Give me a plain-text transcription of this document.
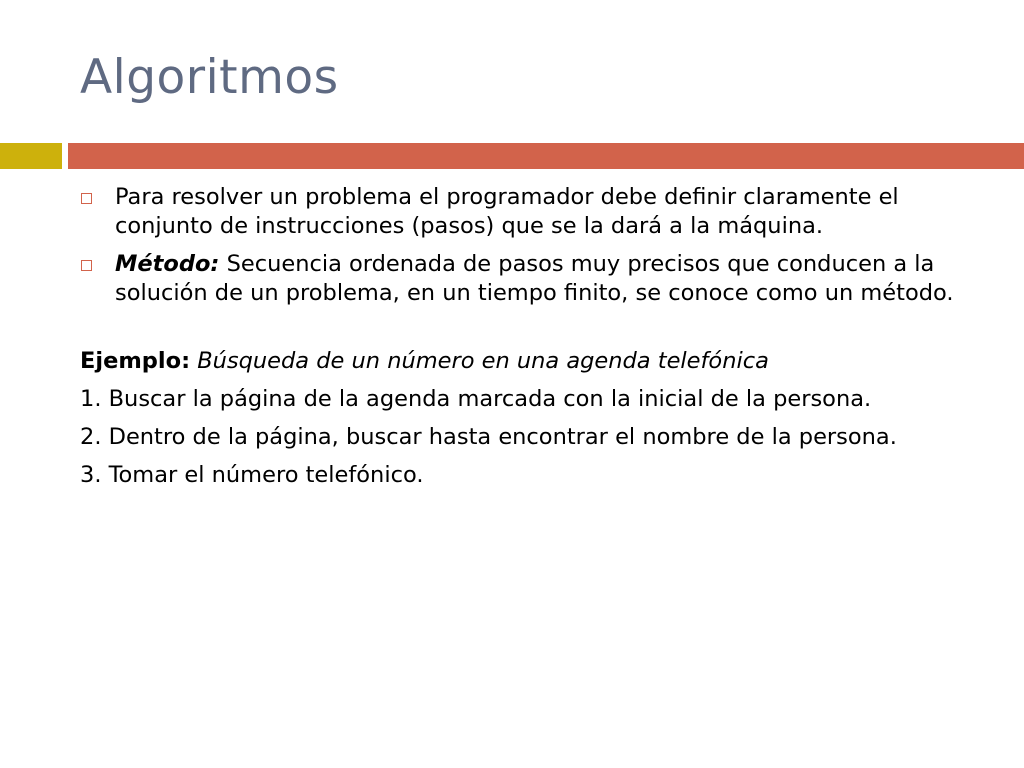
Algoritmos
Para resolver un problema el programador debe definir claramente el conjunto de instrucciones (pasos) que se la dará a la máquina.
Método: Secuencia ordenada de pasos muy precisos que conducen a la solución de un problema, en un tiempo finito, se conoce como un método.
Ejemplo: Búsqueda de un número en una agenda telefónica
1. Buscar la página de la agenda marcada con la inicial de la persona.
2. Dentro de la página, buscar hasta encontrar el nombre de la persona.
3. Tomar el número telefónico.
